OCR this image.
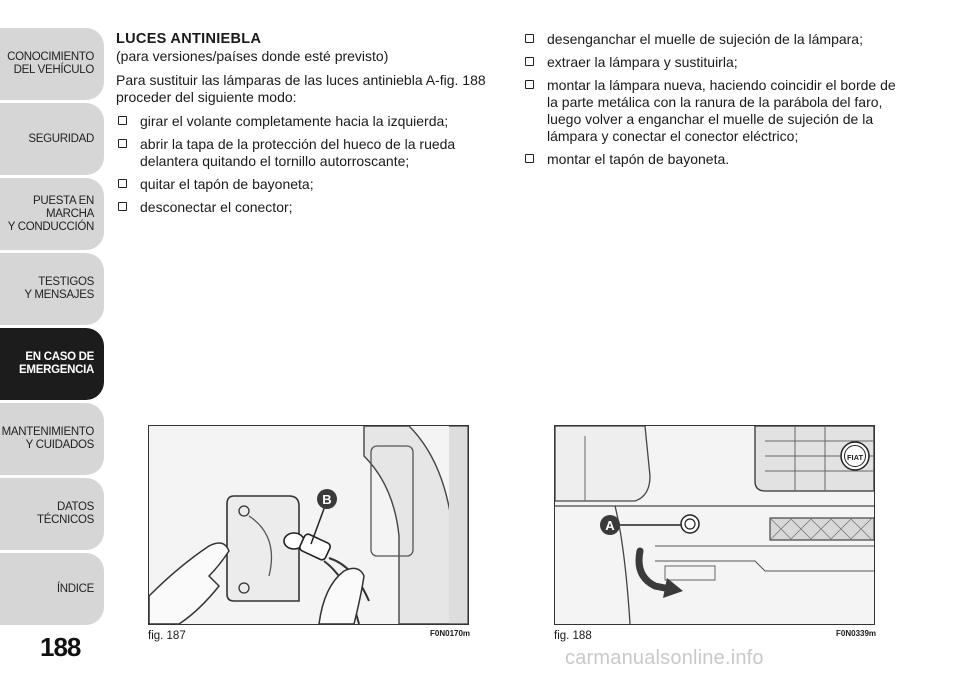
CONOCIMIENTO
DEL VEHÍCULO
SEGURIDAD
PUESTA EN
MARCHA
Y CONDUCCIÓN
TESTIGOS
Y MENSAJES
EN CASO DE
EMERGENCIA
MANTENIMIENTO
Y CUIDADOS
DATOS
TÉCNICOS
ÍNDICE
188
LUCES ANTINIEBLA

(para versiones/países donde esté previsto)

Para sustituir las lámparas de las luces antiniebla A-fig. 188 proceder del siguiente modo:

girar el volante completamente hacia la izquierda;
abrir la tapa de la protección del hueco de la rueda delantera quitando el tornillo autorroscante;
quitar el tapón de bayoneta;
desconectar el conector;
desenganchar el muelle de sujeción de la lámpara;
extraer la lámpara y sustituirla;
montar la lámpara nueva, haciendo coincidir el borde de la parte metálica con la ranura de la parábola del faro, luego volver a enganchar el muelle de sujeción de la lámpara y conectar el conector eléctrico;
montar el tapón de bayoneta.
B
fig. 187	F0N0170m
FIAT
A
fig. 188	F0N0339m
carmanualsonline.info
